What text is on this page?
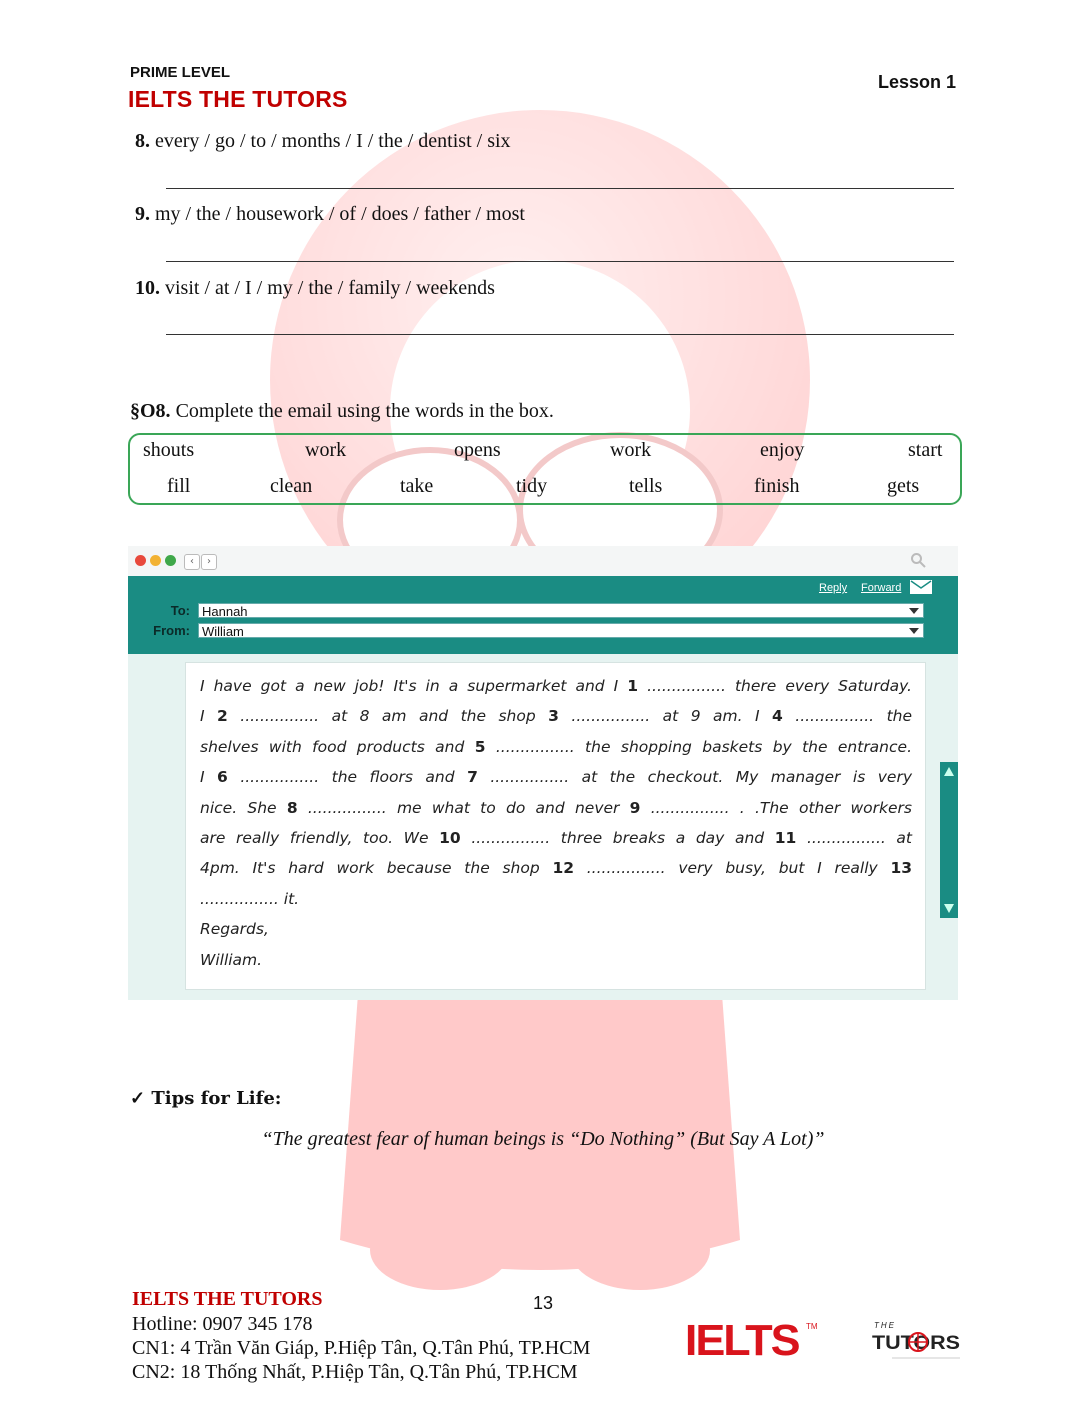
PRIME LEVEL
IELTS THE TUTORS
Lesson 1
8. every / go / to / months / I / the / dentist / six
9. my / the / housework / of / does / father / most
10. visit / at / I / my / the / family / weekends
§O8. Complete the email using the words in the box.
shouts	work	opens	work	enjoy	start
fill	clean	take	tidy	tells	finish	gets
‹	›
Reply Forward
To: Hannah
From: William
I have got a new job! It's in a supermarket and I 1 ................ there every Saturday.
I 2 ................ at 8 am and the shop 3 ................ at 9 am. I 4 ................ the
shelves with food products and 5 ................ the shopping baskets by the entrance.
I 6 ................ the floors and 7 ................ at the checkout. My manager is very
nice. She 8 ................ me what to do and never 9 ................ . .The other workers
are really friendly, too. We 10 ................ three breaks a day and 11 ................ at
4pm. It's hard work because the shop 12 ................ very busy, but I really 13
................ it.
Regards,
William.
✓ Tips for Life:
“The greatest fear of human beings is “Do Nothing” (But Say A Lot)”
IELTS THE TUTORS
Hotline: 0907 345 178
CN1: 4 Trần Văn Giáp, P.Hiệp Tân, Q.Tân Phú, TP.HCM
CN2: 18 Thống Nhất, P.Hiệp Tân, Q.Tân Phú, TP.HCM
13
IELTS TM	THE
TUTORS
